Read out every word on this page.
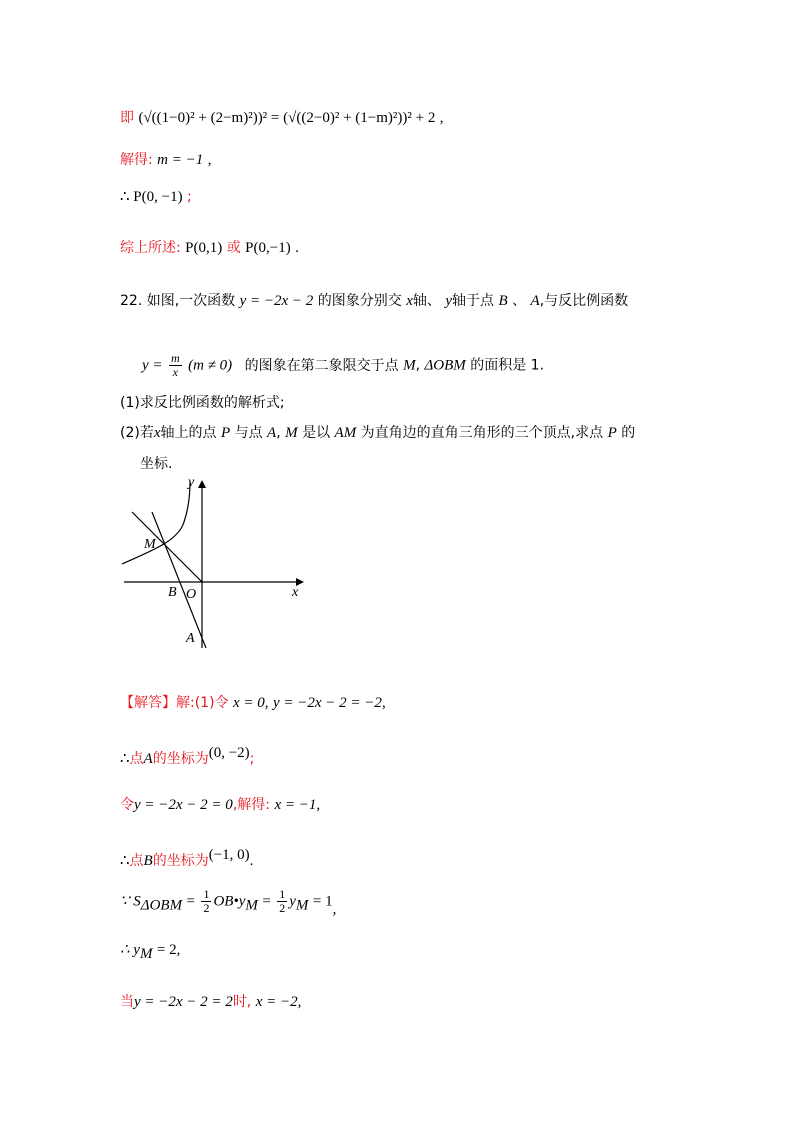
即 (√((1−0)² + (2−m)²))² = (√((2−0)² + (1−m)²))² + 2 ,
解得: m = −1 ,
∴ P(0, −1) ;
综上所述: P(0,1) 或 P(0,−1) .
22. 如图,一次函数 y = −2x − 2 的图象分别交 x轴、 y轴于点 B 、 A,与反比例函数
$y = \frac{m}{x} (m \ne 0)$ 的图象在第二象限交于点 M, ΔOBM 的面积是 1.
(1)求反比例函数的解析式;
(2)若x轴上的点 P 与点 A, M 是以 AM 为直角边的直角三角形的三个顶点,求点 P 的
坐标.
y
x
M
B O
A
【解答】解:(1)令 x = 0, y = −2x − 2 = −2,
∴点A的坐标为(0, −2);
令y = −2x − 2 = 0,解得: x = −1,
∴点B的坐标为(−1, 0).
∵ $S_{\Delta OBM} = \frac{1}{2}$ $OB•y_M = \frac{1}{2} y_M = 1$,
∴ $y_M = 2$,
当y = −2x − 2 = 2时, x = −2,
